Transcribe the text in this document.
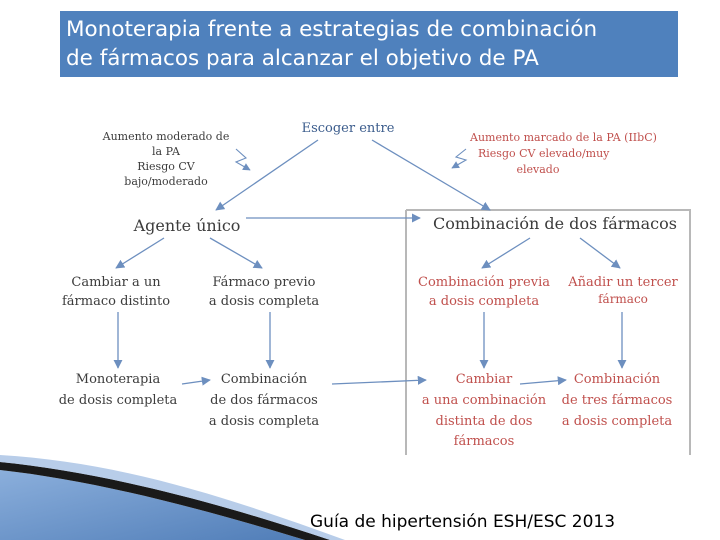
Monoterapia frente a estrategias de combinación
de fármacos para alcanzar el objetivo de PA
Escoger entre
Aumento moderado de
la PA
Riesgo CV
bajo/moderado
Aumento marcado de la PA (IIbC)
Riesgo CV elevado/muy
elevado
Agente único	Combinación de dos fármacos
Cambiar a un
fármaco distinto
Fármaco previo
a dosis completa
Combinación previa
a dosis completa
Añadir un tercer
fármaco
Monoterapia
de dosis completa
Combinación
de dos fármacos
a dosis completa
Cambiar
a una combinación
distinta de dos
fármacos
Combinación
de tres fármacos
a dosis completa
Guía de hipertensión ESH/ESC 2013
